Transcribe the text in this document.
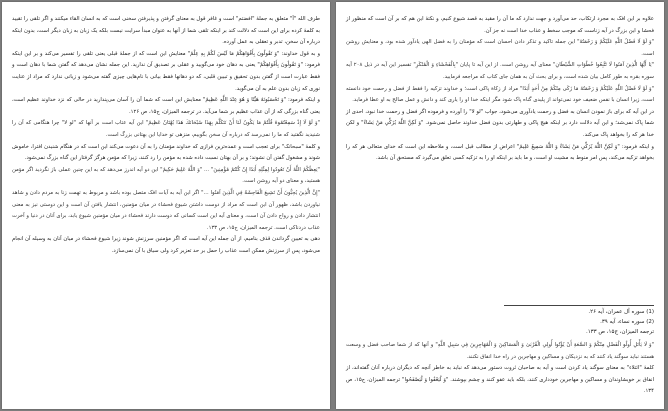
طرف الله "آ" متعلق به جملهٔ "افضتم" است و غافر قول به معنای گرفتن و پذیرفتن سخنی است که به انسان القاء میکنند و اگر تلقی را تقیید به کلمهٔ کرده برای این است که دلالت کند بر اینکه تلقی شما از آنها به عنوان مبدأ سرایت نیست بلکه یک زبان به زبان دیگر است، بدون اینکه درباره آن سخن، تدبر و تعقلی به عمل آورده.

و به قول خداوند: "وَ تَقُولُونَ بِأَفْوَاهِكُمْ مَا لَيْسَ لَكُمْ بِهِ عِلْمٌ" معنایش این است که از جملهٔ قبلی یعنی تلقی را تفسیر می‌کند و بر این اینکه فرمود: "وَ تَقُولُونَ بِأَفْوَاهِكُمْ" یعنی به دهان خود می‌گویید و عقلی بر تصدیق آن ندارید. این جمله نشان می‌دهد که گفتن شما با دهان است و فقط عبارت است از گفتن بدون تحقیق و تبیین قلبی، که دو دهانها فقط بیانی با نام‌هایی چیزی گفته می‌شود و زیانی ندارد که مراد از عنایت نوری که زبان بدون علم به آن می‌گوید.

و اینکه فرمود: "وَ تَحْسَبُونَهُ هَيِّنًا وَ هُوَ عِنْدَ اللَّهِ عَظِيمٌ" معنایش این است که شما آن را آسان می‌پندارید در حالی که نزد خداوند عظیم است، یعنی گناه بزرگی که از آن عذاب عظیم بر شما می‌آید. در ترجمه المیزان، ج۱۵، ص ۱۲۶.

"وَ لَوْ لَا إِذْ سَمِعْتُمُوهُ قُلْتُمْ مَا يَكُونُ لَنَا أَنْ نَتَكَلَّمَ بِهَذَا سُبْحَانَكَ هَذَا بُهْتَانٌ عَظِيمٌ" این آیه عتاب است بر آنها که "لو لا" چرا هنگامی که آن را شنیدید نگفتید که ما را نمی‌رسد که درباره آن سخن بگوییم، منزهی تو خدایا این بهتانی بزرگ است.

و کلمهٔ "سبحانک" برای تعجب است و عمده‌ترین فرازی که خداوند مؤمنان را به آن دعوت می‌کند این است که در هنگام شنیدن افترا، خاموش شوند و مشغول گفتن آن نشوند؛ و بر آن بهتان نسبت داده شده به مؤمن را رد کنند، زیرا که مؤمن هرگز گرفتار این گناه بزرگ نمی‌شود.

"يَعِظُكُمُ اللَّهُ أَنْ تَعُودُوا لِمِثْلِهِ أَبَدًا إِنْ كُنْتُمْ مُؤْمِنِينَ" ... "وَ اللَّهُ عَلِيمٌ حَكِيمٌ" این دو آیه اندرز می‌دهد که به این چنین عملی باز نگردید اگر مؤمن هستید، و معنای دو آیه روشن است.

"إِنَّ الَّذِينَ يُحِبُّونَ أَنْ تَشِيعَ الْفَاحِشَةُ فِي الَّذِينَ آمَنُوا ..." اگر این آیه به آیات افک متصل بوده باشد و مربوط به تهمت زنا به مردم دادن و شاهد نیاوردن باشد، ظهور آن این است که مراد از دوست داشتن شیوع فحشاء در میان مؤمنین، انتشار یافتن آن است و این دوستی نیز به معنی انتشار دادن و رواج دادن آن است، و معنای آیه این است کسانی که دوست دارند فحشاء در میان مؤمنین شیوع یابد، برای آنان در دنیا و آخرت عذاب دردناکی است. ترجمه المیزان، ج۱۵، ص ۱۳۳.

دهی به تعیین گرداندن قذف بنامیم، از آن جمله این آیه است که اگر مؤمنین سرزنش شوند زیرا شیوع فحشاء در میان آنان به وسیله آن انجام می‌شود، پس از سرزنش ممکن است عذاب را حمل بر حد تعزیر کرد ولی سیاق با آن نمی‌سازد.

علاوه بر این افک به مجرد ارتکاب، حد می‌آورد و جهت ندارد که ما آن را مقید به قصد شیوع کنیم، و نکتهٔ این هم که بر آن است که منظور از فحشا و این بزرگ در آیه زناست که موجب سخط و عذاب خدا است نه جز آن.

"وَ لَوْ لَا فَضْلُ اللَّهِ عَلَيْكُمْ وَ رَحْمَتُهُ" این جمله تاکید و تذکر دادن احسان است که مؤمنان را به فضل الهی یادآور شده بود، و معنایش روشن است.

"يَا أَيُّهَا الَّذِينَ آمَنُوا لَا تَتَّبِعُوا خُطُوَاتِ الشَّيْطَانِ" معنای آیه روشن است. از این آیه تا پایان "بِالْفَحْشَاءِ وَ الْمُنْكَرِ" تفسیر این آیه در ذیل ۲۰۸ آیه سوره بقره به طور کامل بیان شده است، و برای بحث آن به همان جای کتاب که مراجعه فرمایید.

"وَ لَوْ لَا فَضْلُ اللَّهِ عَلَيْكُمْ وَ رَحْمَتُهُ مَا زَكَى مِنْكُمْ مِنْ أَحَدٍ أَبَدًا" مراد از زکاة پاکی است؛ و خداوند تزکیه را فقط از فضل و رحمت خود دانسته است، زیرا انسان با نفس ضعیف خود نمی‌تواند از پلیدی گناه پاک شود مگر اینکه خدا او را یاری کند و دانش و عمل صالح به او عطا فرماید.

در این آیه که برای باز نمودن انسان به فضل و رحمت یادآوری می‌شود، جواب "لو لا" را آورده و فرموده اگر فضل و رحمت خدا نبود، احدی از شما پاک نمی‌شد؛ و این آیه دلالت دارد بر اینکه هیچ پاکی و طهارتی بدون فضل خداوند حاصل نمی‌شود. "وَ لَكِنَّ اللَّهَ يُزَكِّي مَنْ يَشَاءُ" و لکن خدا هر که را بخواهد پاک می‌کند.

و اینکه فرمود: "وَ لَكِنَّ اللَّهَ يُزَكِّي مَنْ يَشَاءُ وَ اللَّهُ سَمِيعٌ عَلِيمٌ" اعراض از مطالب قبل است، و ملاحظه این است که خدای متعالی هر که را بخواهد تزکیه می‌کند، پس امر منوط به مشیت او است، و ما باید بر اینکه او را به تزکیه کسی تعلق می‌گیرد که مستحق آن باشد.

(1) سوره آل عمران، آیه ۲۶.
(2) سوره نساء، آیه ۳۹.
ترجمه المیزان، ج۱۵، ص ۱۳۳.

"وَ لَا يَأْتَلِ أُولُو الْفَضْلِ مِنْكُمْ وَ السَّعَةِ أَنْ يُؤْتُوا أُولِي الْقُرْبَىٰ وَ الْمَسَاكِينَ وَ الْمُهَاجِرِينَ فِي سَبِيلِ اللَّهِ" و آنها که از شما صاحب فضل و وسعت هستند نباید سوگند یاد کنند که به نزدیکان و مساکین و مهاجرین در راه خدا انفاق نکنند.

کلمهٔ "ائتلاء" به معنای سوگند یاد کردن است و آیه به صاحبان ثروت دستور می‌دهد که نباید به خاطر آنچه که دیگران درباره آنان گفته‌اند، از انفاق بر خویشاوندان و مساکین و مهاجرین خودداری کنند، بلکه باید عفو کنند و چشم بپوشند. "وَ لْيَعْفُوا وَ لْيَصْفَحُوا" ترجمه المیزان، ج۱۵، ص ۱۳۴.
